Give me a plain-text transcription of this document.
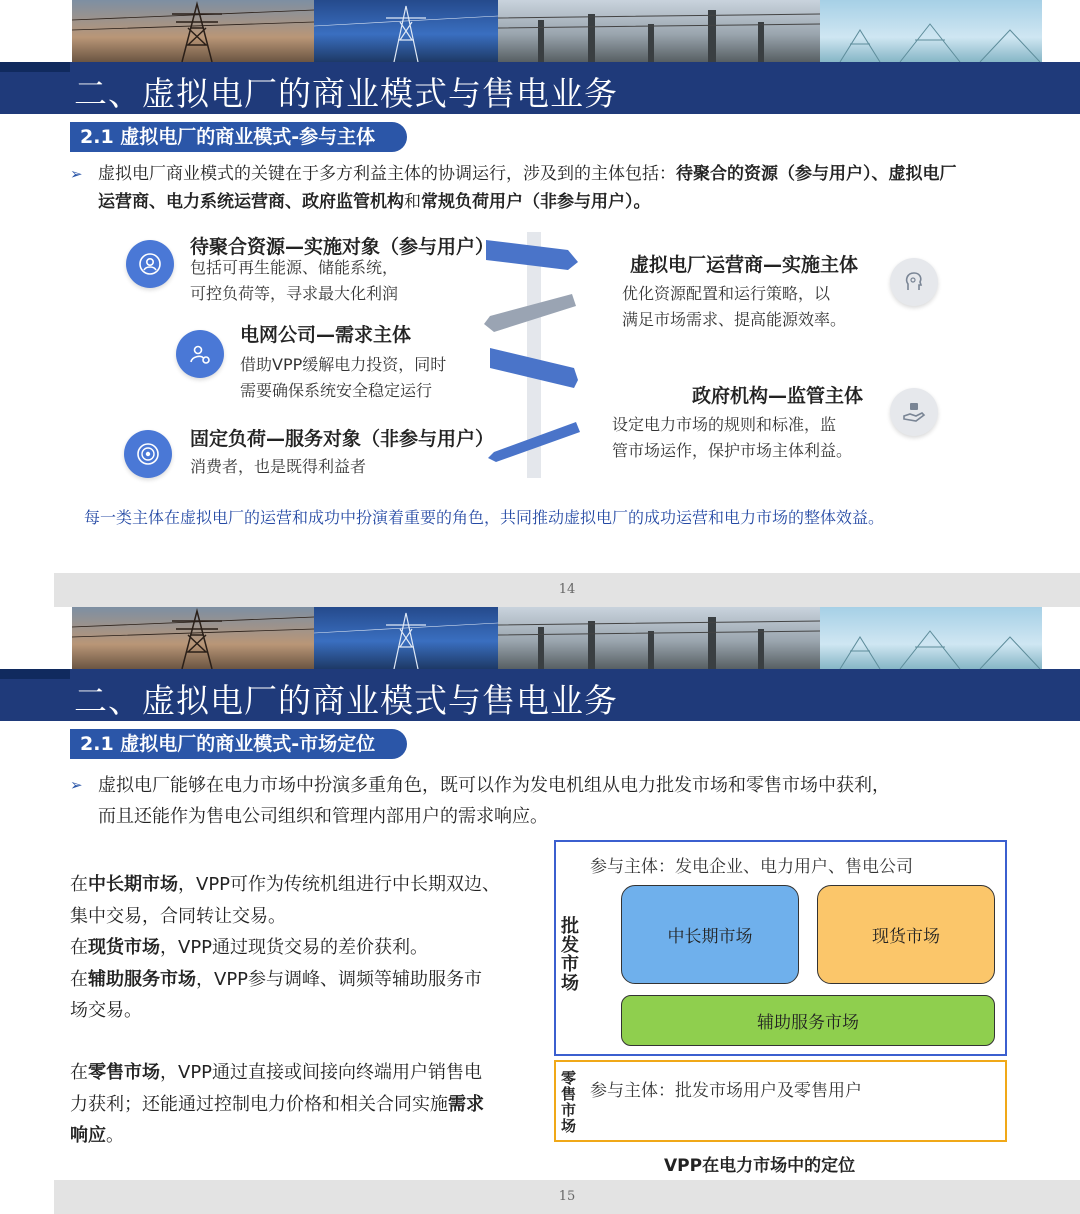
二、虚拟电厂的商业模式与售电业务
2.1 虚拟电厂的商业模式-参与主体
➢ 虚拟电厂商业模式的关键在于多方利益主体的协调运行，涉及到的主体包括：待聚合的资源（参与用户）、虚拟电厂运营商、电力系统运营商、政府监管机构和常规负荷用户（非参与用户）。
待聚合资源—实施对象（参与用户）
包括可再生能源、储能系统，
可控负荷等，寻求最大化利润
电网公司—需求主体
借助VPP缓解电力投资，同时
需要确保系统安全稳定运行
固定负荷—服务对象（非参与用户）
消费者，也是既得利益者
虚拟电厂运营商—实施主体
优化资源配置和运行策略，以
满足市场需求、提高能源效率。
政府机构—监管主体
设定电力市场的规则和标准，监
管市场运作，保护市场主体利益。
每一类主体在虚拟电厂的运营和成功中扮演着重要的角色，共同推动虚拟电厂的成功运营和电力市场的整体效益。
14
二、虚拟电厂的商业模式与售电业务
2.1 虚拟电厂的商业模式-市场定位
➢ 虚拟电厂能够在电力市场中扮演多重角色，既可以作为发电机组从电力批发市场和零售市场中获利，
而且还能作为售电公司组织和管理内部用户的需求响应。
在中长期市场，VPP可作为传统机组进行中长期双边、
集中交易，合同转让交易。
在现货市场，VPP通过现货交易的差价获利。
在辅助服务市场，VPP参与调峰、调频等辅助服务市
场交易。
在零售市场，VPP通过直接或间接向终端用户销售电
力获利；还能通过控制电力价格和相关合同实施需求
响应。
批发市场
参与主体：发电企业、电力用户、售电公司
中长期市场	现货市场
辅助服务市场
零售市场
参与主体：批发市场用户及零售用户
VPP在电力市场中的定位
15
